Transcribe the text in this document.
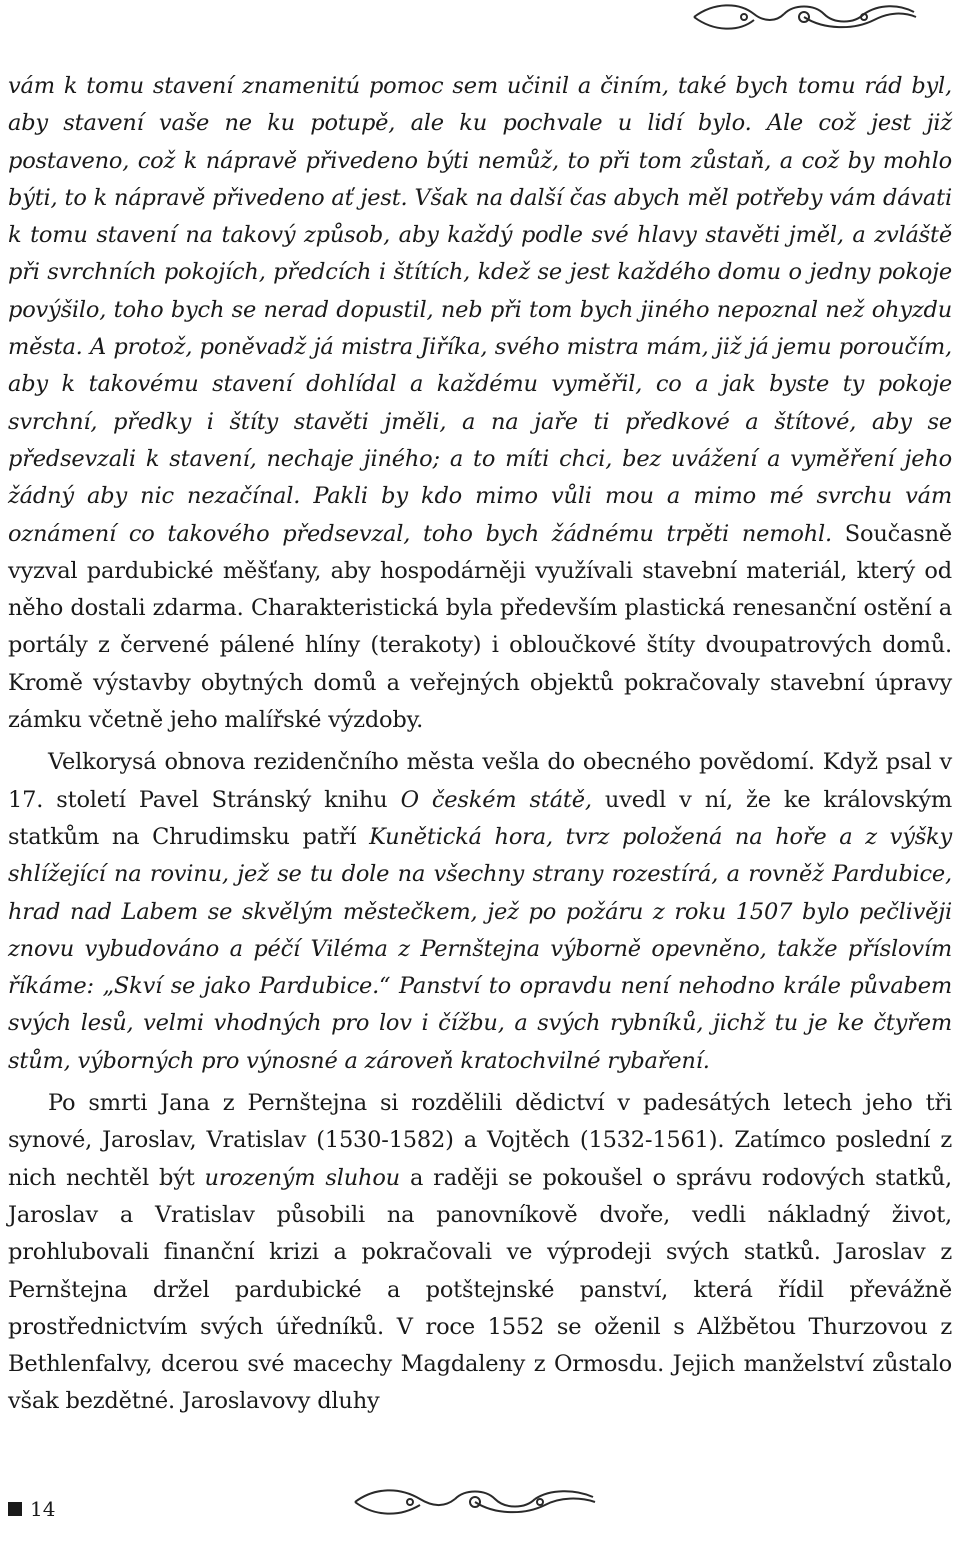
vám k tomu stavení znamenitú pomoc sem učinil a činím, také bych tomu rád byl, aby stavení vaše ne ku potupě, ale ku pochvale u lidí bylo. Ale což jest již postaveno, což k nápravě přivedeno býti nemůž, to při tom zůstaň, a což by mohlo býti, to k nápravě přivedeno ať jest. Však na další čas abych měl potřeby vám dávati k tomu stavení na takový způsob, aby každý podle své hlavy stavěti jměl, a zvláště při svrchních pokojích, předcích i štítích, kdež se jest každého domu o jedny pokoje povýšilo, toho bych se nerad dopustil, neb při tom bych jiného nepoznal než ohyzdu města. A protož, poněvadž já mistra Jiříka, svého mistra mám, již já jemu poroučím, aby k takovému stavení dohlídal a každému vyměřil, co a jak byste ty pokoje svrchní, předky i štíty stavěti jměli, a na jaře ti předkové a štítové, aby se předsevzali k stavení, nechaje jiného; a to míti chci, bez uvážení a vyměření jeho žádný aby nic nezačínal. Pakli by kdo mimo vůli mou a mimo mé svrchu vám oznámení co takového předsevzal, toho bych žádnému trpěti nemohl. Současně vyzval pardubické měšťany, aby hospodárněji využívali stavební materiál, který od něho dostali zdarma. Charakteristická byla především plastická renesanční ostění a portály z červené pálené hlíny (terakoty) i obloučkové štíty dvoupatrových domů. Kromě výstavby obytných domů a veřejných objektů pokračovaly stavební úpravy zámku včetně jeho malířské výzdoby.

Velkorysá obnova rezidenčního města vešla do obecného povědomí. Když psal v 17. století Pavel Stránský knihu O českém státě, uvedl v ní, že ke královským statkům na Chrudimsku patří Kunětická hora, tvrz položená na hoře a z výšky shlížející na rovinu, jež se tu dole na všechny strany rozestírá, a rovněž Pardubice, hrad nad Labem se skvělým městečkem, jež po požáru z roku 1507 bylo pečlivěji znovu vybudováno a péčí Viléma z Pernštejna výborně opevněno, takže příslovím říkáme: „Skví se jako Pardubice.“ Panství to opravdu není nehodno krále půvabem svých lesů, velmi vhodných pro lov i čížbu, a svých rybníků, jichž tu je ke čtyřem stům, výborných pro výnosné a zároveň kratochvilné rybaření.

Po smrti Jana z Pernštejna si rozdělili dědictví v padesátých letech jeho tři synové, Jaroslav, Vratislav (1530-1582) a Vojtěch (1532-1561). Zatímco poslední z nich nechtěl být urozeným sluhou a raději se pokoušel o správu rodových statků, Jaroslav a Vratislav působili na panovníkově dvoře, vedli nákladný život, prohlubovali finanční krizi a pokračovali ve výprodeji svých statků. Jaroslav z Pernštejna držel pardubické a potštejnské panství, která řídil převážně prostřednictvím svých úředníků. V roce 1552 se oženil s Alžbětou Thurzovou z Bethlenfalvy, dcerou své macechy Magdaleny z Ormosdu. Jejich manželství zůstalo však bezdětné. Jaroslavovy dluhy

14
